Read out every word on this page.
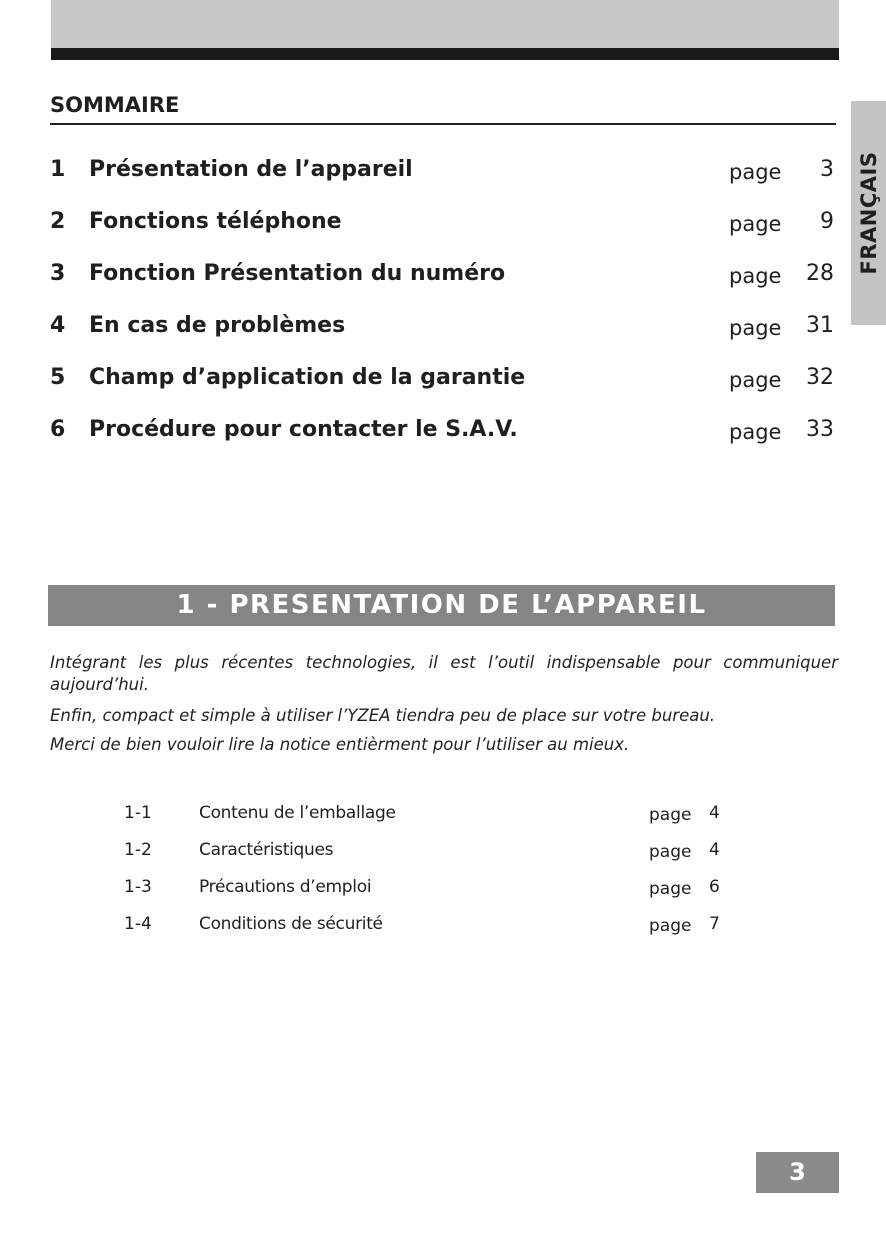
FRANÇAIS
SOMMAIRE
1 Présentation de l’appareil	page 3
2 Fonctions téléphone	page 9
3 Fonction Présentation du numéro	page 28
4 En cas de problèmes	page 31
5 Champ d’application de la garantie	page 32
6 Procédure pour contacter le S.A.V.	page 33
1 - PRESENTATION DE L’APPAREIL
Intégrant les plus récentes technologies, il est l’outil indispensable pour communiquer aujourd’hui.
Enfin, compact et simple à utiliser l’YZEA tiendra peu de place sur votre bureau.
Merci de bien vouloir lire la notice entièrment pour l’utiliser au mieux.
1-1	Contenu de l’emballage	page 4
1-2	Caractéristiques	page 4
1-3	Précautions d’emploi	page 6
1-4	Conditions de sécurité	page 7
3
